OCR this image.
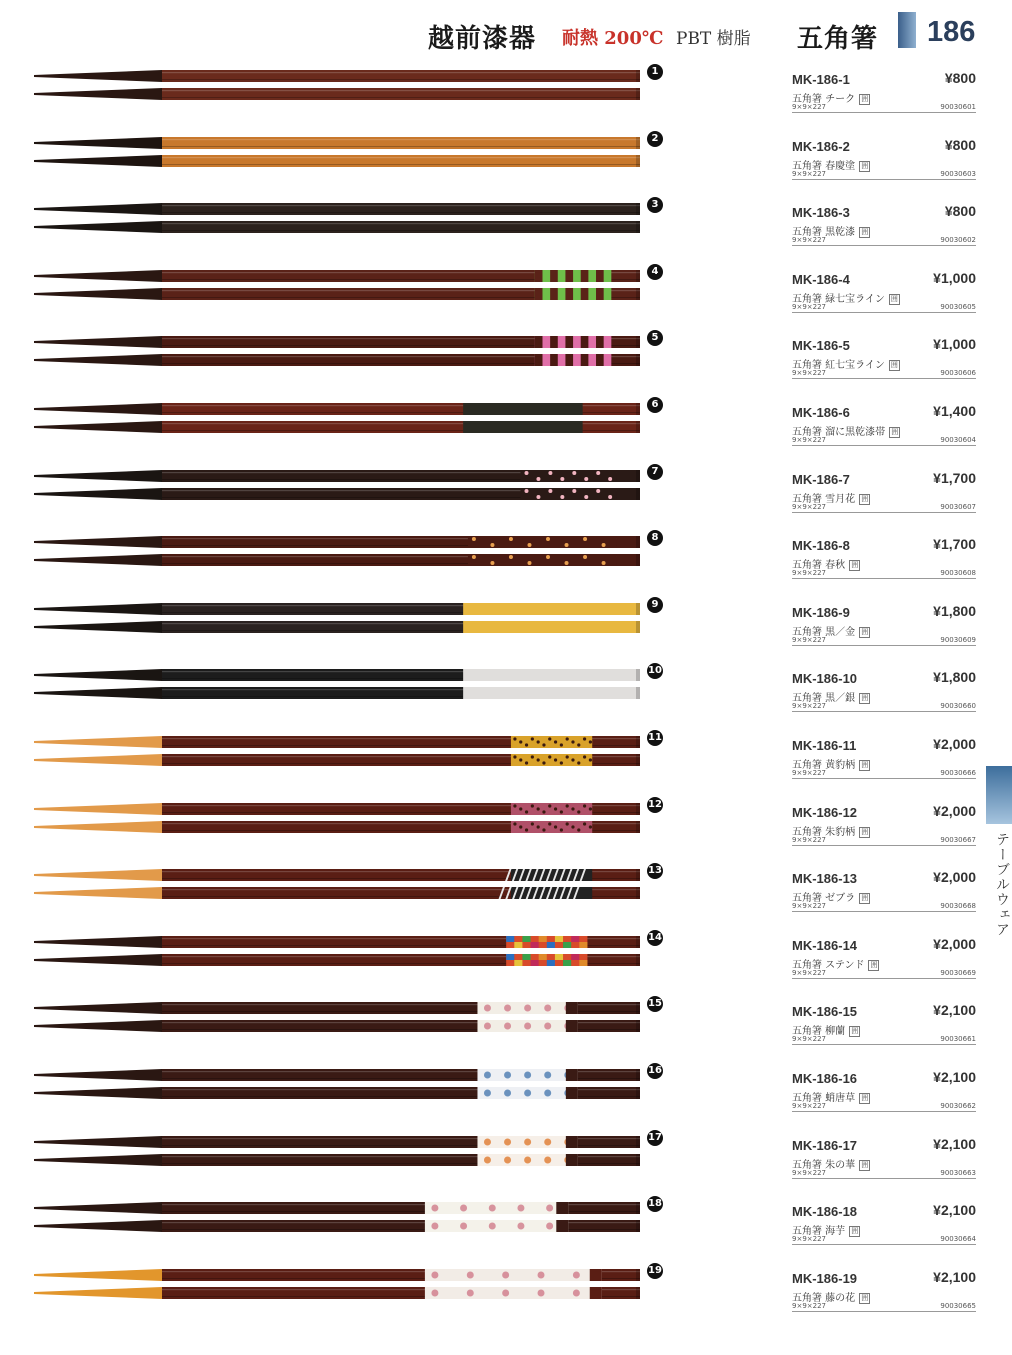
越前漆器 耐熱 200℃ PBT 樹脂 五角箸 186
テーブルウェア
1
MK-186-1	¥800
五角箸 チーク 囲
9×9×227	90030601
2
MK-186-2	¥800
五角箸 春慶塗 囲
9×9×227	90030603
3
MK-186-3	¥800
五角箸 黒乾漆 囲
9×9×227	90030602
4
MK-186-4	¥1,000
五角箸 緑七宝ライン 囲
9×9×227	90030605
5
MK-186-5	¥1,000
五角箸 紅七宝ライン 囲
9×9×227	90030606
6
MK-186-6	¥1,400
五角箸 溜に黒乾漆帯 囲
9×9×227	90030604
7
MK-186-7	¥1,700
五角箸 雪月花 囲
9×9×227	90030607
8
MK-186-8	¥1,700
五角箸 春秋 囲
9×9×227	90030608
9
MK-186-9	¥1,800
五角箸 黒／金 囲
9×9×227	90030609
10
MK-186-10	¥1,800
五角箸 黒／銀 囲
9×9×227	90030660
11
MK-186-11	¥2,000
五角箸 黄豹柄 囲
9×9×227	90030666
12
MK-186-12	¥2,000
五角箸 朱豹柄 囲
9×9×227	90030667
13
MK-186-13	¥2,000
五角箸 ゼブラ 囲
9×9×227	90030668
14
MK-186-14	¥2,000
五角箸 ステンド 囲
9×9×227	90030669
15
MK-186-15	¥2,100
五角箸 柳蘭 囲
9×9×227	90030661
16
MK-186-16	¥2,100
五角箸 蛸唐草 囲
9×9×227	90030662
17
MK-186-17	¥2,100
五角箸 朱の華 囲
9×9×227	90030663
18
MK-186-18	¥2,100
五角箸 海芋 囲
9×9×227	90030664
19
MK-186-19	¥2,100
五角箸 藤の花 囲
9×9×227	90030665
